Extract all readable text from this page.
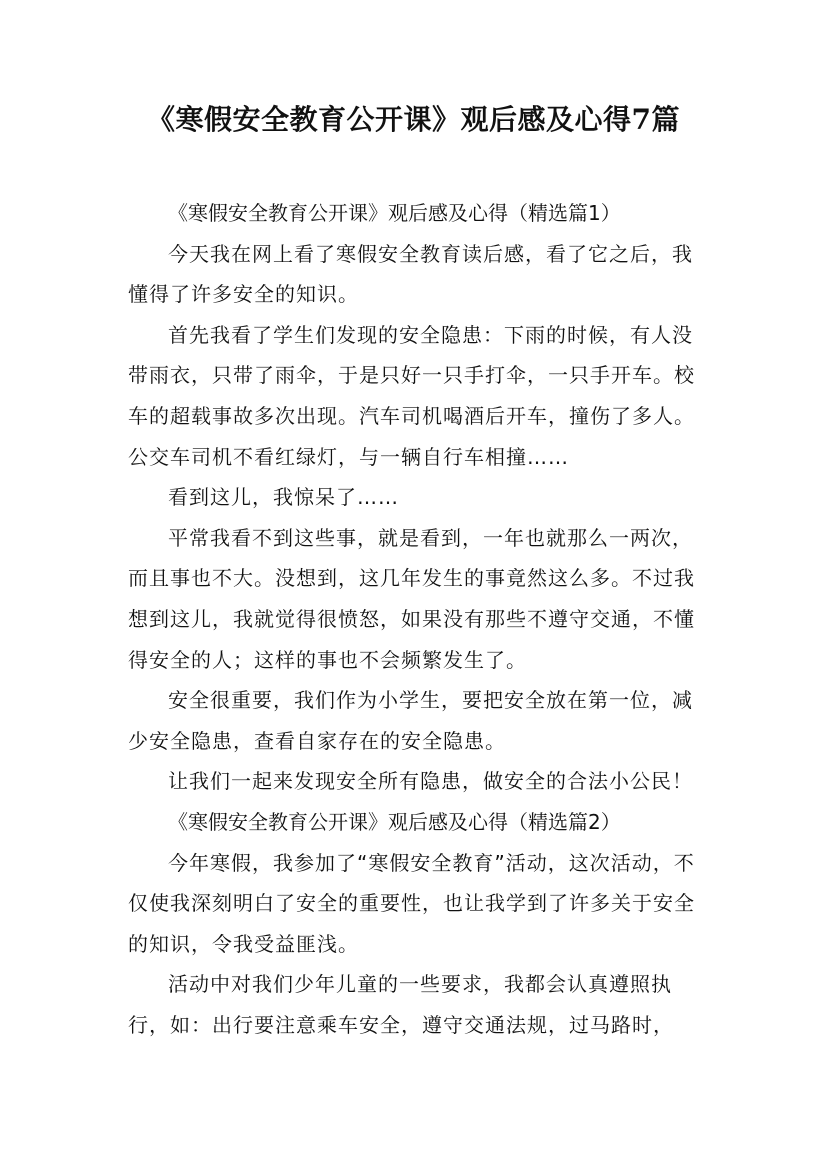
《寒假安全教育公开课》观后感及心得7篇

《寒假安全教育公开课》观后感及心得（精选篇1）

今天我在网上看了寒假安全教育读后感，看了它之后，我懂得了许多安全的知识。

首先我看了学生们发现的安全隐患：下雨的时候，有人没带雨衣，只带了雨伞，于是只好一只手打伞，一只手开车。校车的超载事故多次出现。汽车司机喝酒后开车，撞伤了多人。公交车司机不看红绿灯，与一辆自行车相撞……

看到这儿，我惊呆了……

平常我看不到这些事，就是看到，一年也就那么一两次，而且事也不大。没想到，这几年发生的事竟然这么多。不过我想到这儿，我就觉得很愤怒，如果没有那些不遵守交通，不懂得安全的人；这样的事也不会频繁发生了。

安全很重要，我们作为小学生，要把安全放在第一位，减少安全隐患，查看自家存在的安全隐患。

让我们一起来发现安全所有隐患，做安全的合法小公民！

《寒假安全教育公开课》观后感及心得（精选篇2）

今年寒假，我参加了“寒假安全教育”活动，这次活动，不仅使我深刻明白了安全的重要性，也让我学到了许多关于安全的知识，令我受益匪浅。

活动中对我们少年儿童的一些要求，我都会认真遵照执行，如：出行要注意乘车安全，遵守交通法规，过马路时，
